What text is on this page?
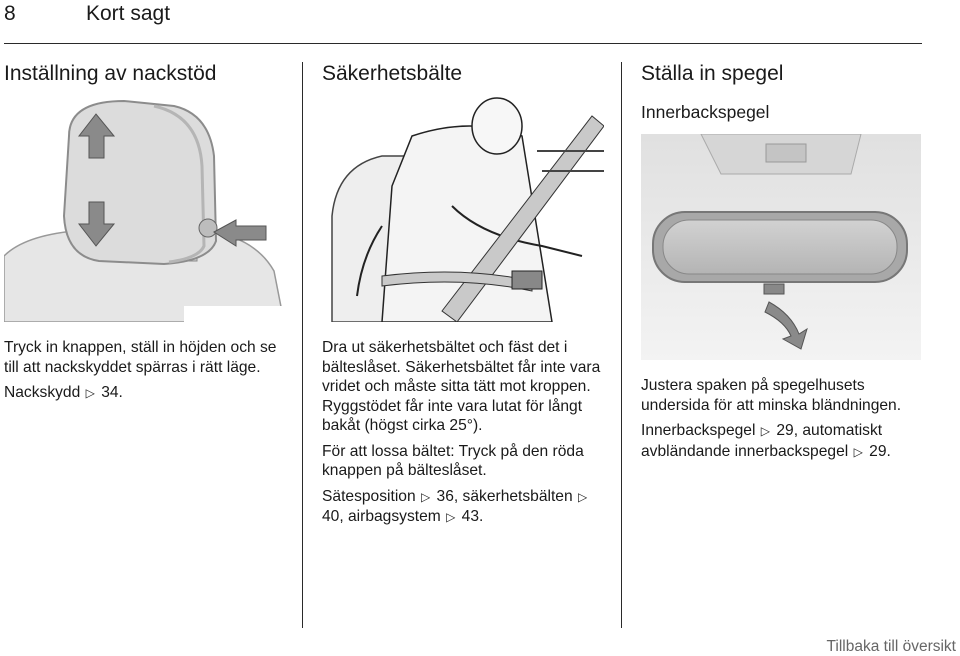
8	Kort sagt
Inställning av nackstöd

Tryck in knappen, ställ in höjden och se till att nackskyddet spärras i rätt läge.

Nackskydd ▷ 34.

Säkerhetsbälte

Dra ut säkerhetsbältet och fäst det i bälteslåset. Säkerhetsbältet får inte vara vridet och måste sitta tätt mot kroppen. Ryggstödet får inte vara lutat för långt bakåt (högst cirka 25°).

För att lossa bältet: Tryck på den röda knappen på bälteslåset.

Sätesposition ▷ 36, säkerhetsbälten ▷ 40, airbagsystem ▷ 43.

Ställa in spegel
Innerbackspegel

Justera spaken på spegelhusets undersida för att minska bländningen.

Innerbackspegel ▷ 29, automatiskt avbländande innerbackspegel ▷ 29.

Tillbaka till översikt
